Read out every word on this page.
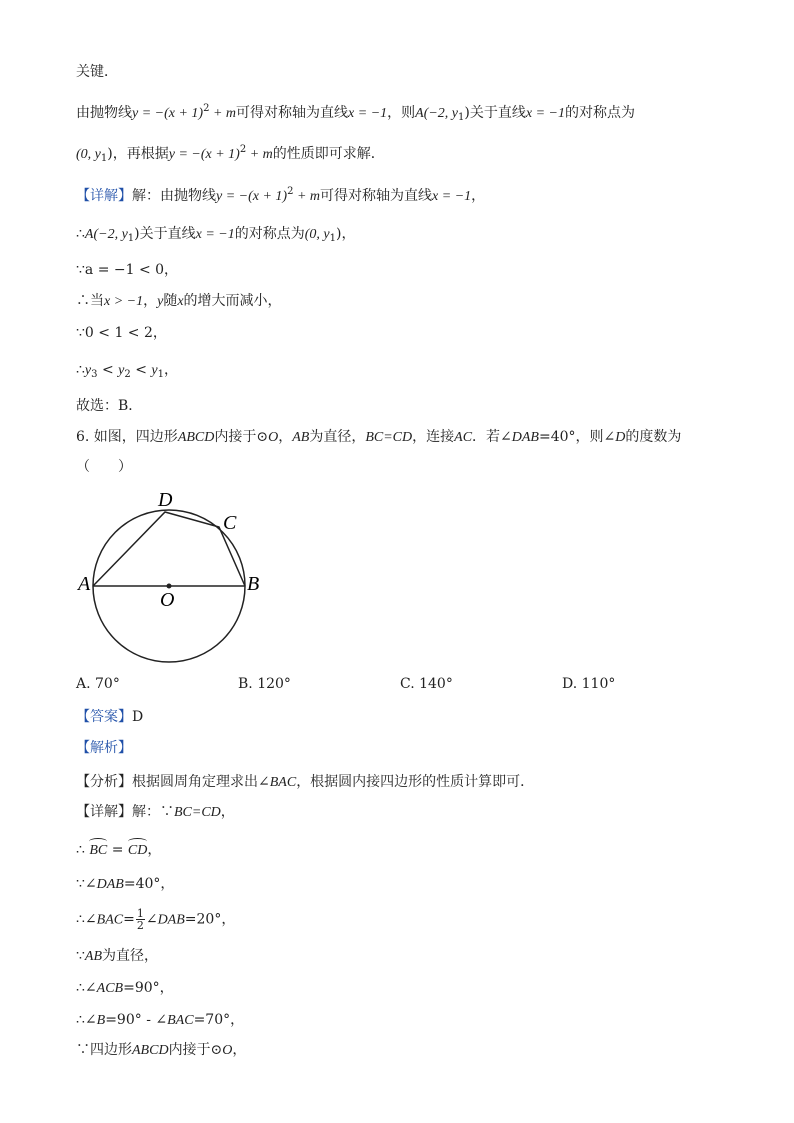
关键．
由抛物线$y = -(x + 1)^2 + m$可得对称轴为直线x = −1，则A(−2, $y_1$)关于直线x = −1的对称点为
(0, $y_1$)，再根据$y = -(x + 1)^2 + m$的性质即可求解．
【详解】解：由抛物线$y = -(x + 1)^2 + m$可得对称轴为直线x = −1，
∴A(−2, $y_1$)关于直线x = −1的对称点为(0, $y_1$)，
∵a = −1 < 0，
∴当x > −1，y随x的增大而减小，
∵0 < 1 < 2，
$\therefore y_3 < y_2 < y_1$，
故选：B．
6. 如图，四边形ABCD内接于⊙O，AB为直径，BC=CD，连接AC．若∠DAB=40°，则∠D的度数为
（　　）
A	B
C
D
O
A. 70°	B. 120°	C. 140°	D. 110°
【答案】D
【解析】
【分析】根据圆周角定理求出∠BAC，根据圆内接四边形的性质计算即可．
【详解】解：∵BC=CD，
∴ BC = CD，
∵∠DAB=40°，
∴∠BAC= $\frac{1}{2}$ ∠DAB=20°，
∵AB为直径，
∴∠ACB=90°，
∴∠B=90° - ∠BAC=70°，
∵四边形ABCD内接于⊙O，
